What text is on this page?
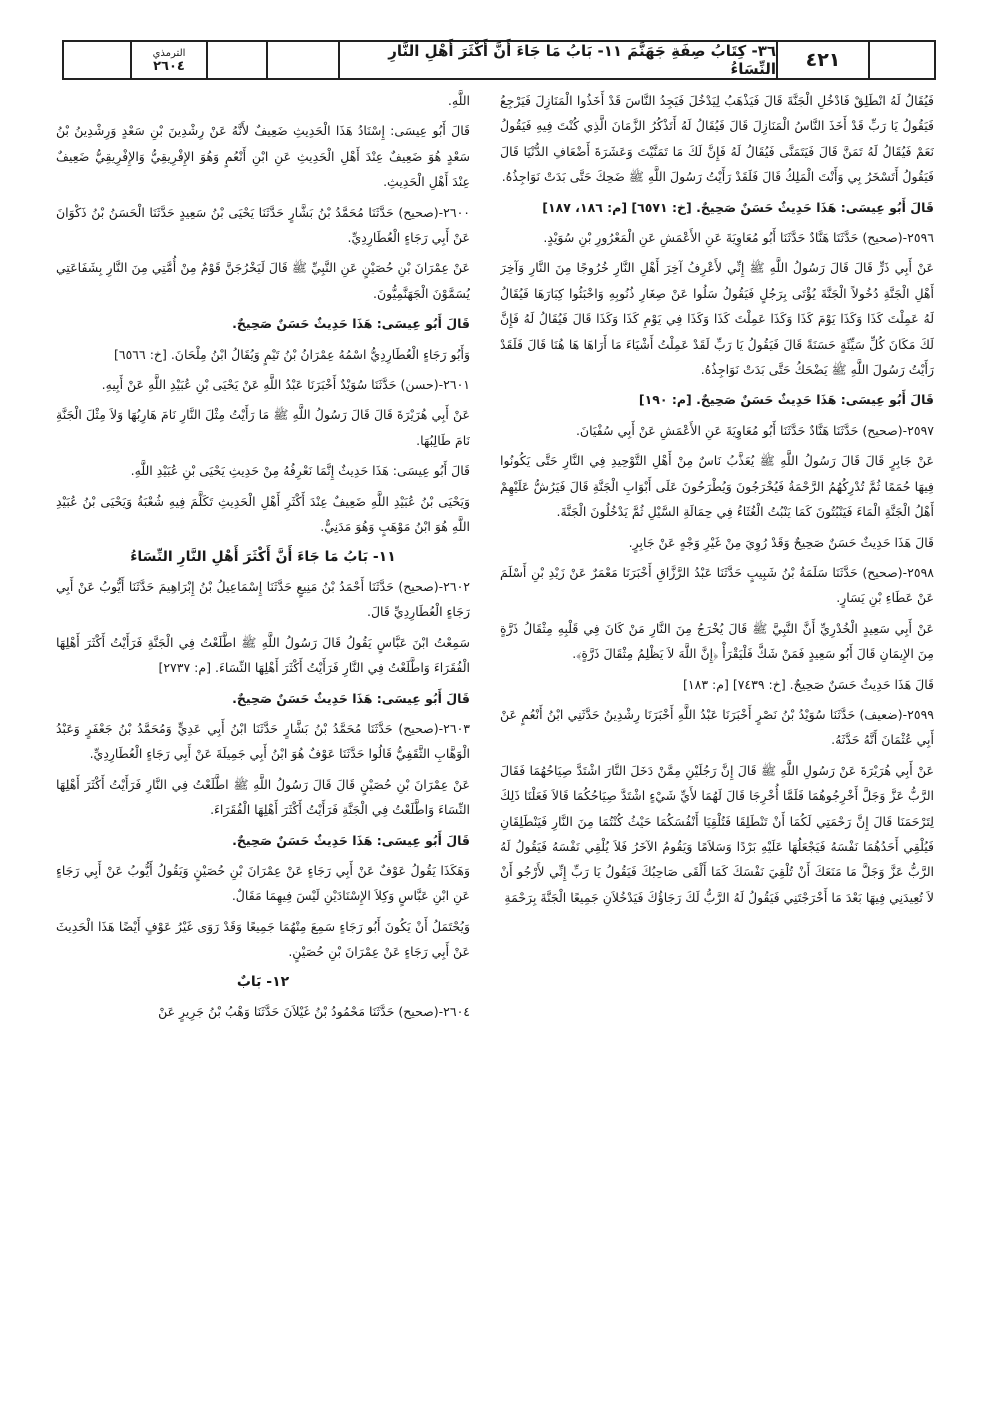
٤٢١
٣٦- كِتَابُ صِفَةِ جَهَنَّمَ ١١- بَابُ مَا جَاءَ أَنَّ أَكْثَرَ أَهْلِ النَّارِ النِّسَاءُ
الترمذي
٢٦٠٤

فَيُقَالُ لَهُ انْطَلِقْ فَادْخُلِ الْجَنَّةَ قَالَ فَيَذْهَبُ لِيَدْخُلَ فَيَجِدُ النَّاسَ قَدْ أَخَذُوا الْمَنَازِلَ فَيَرْجِعُ فَيَقُولُ يَا رَبِّ قَدْ أَخَذَ النَّاسُ الْمَنَازِلَ قَالَ فَيُقَالُ لَهُ أَتَذْكُرُ الزَّمَانَ الَّذِي كُنْتَ فِيهِ فَيَقُولُ نَعَمْ فَيُقَالُ لَهُ تَمَنَّ قَالَ فَيَتَمَنَّى فَيُقَالُ لَهُ فَإِنَّ لَكَ مَا تَمَنَّيْتَ وَعَشَرَةَ أَضْعَافِ الدُّنْيَا قَالَ فَيَقُولُ أَتَسْخَرُ بِي وَأَنْتَ الْمَلِكُ قَالَ فَلَقَدْ رَأَيْتُ رَسُولَ اللَّهِ ﷺ ضَحِكَ حَتَّى بَدَتْ نَوَاجِذُهُ.

قَالَ أَبُو عِيسَى: هَذَا حَدِيثٌ حَسَنٌ صَحِيحٌ. [خ: ٦٥٧١] [م: ١٨٦، ١٨٧]

٢٥٩٦-(صحيح) حَدَّثَنَا هَنَّادٌ حَدَّثَنَا أَبُو مُعَاوِيَةَ عَنِ الأَعْمَشِ عَنِ الْمَعْرُورِ بْنِ سُوَيْدٍ.

عَنْ أَبِي ذَرٍّ قَالَ قَالَ رَسُولُ اللَّهِ ﷺ إِنِّي لأَعْرِفُ آخِرَ أَهْلِ النَّارِ خُرُوجًا مِنَ النَّارِ وَآخِرَ أَهْلِ الْجَنَّةِ دُخُولاً الْجَنَّةَ يُؤْتَى بِرَجُلٍ فَيَقُولُ سَلُوا عَنْ صِغَارِ ذُنُوبِهِ وَاخْبَئُوا كِبَارَهَا فَيُقَالُ لَهُ عَمِلْتَ كَذَا وَكَذَا يَوْمَ كَذَا وَكَذَا عَمِلْتَ كَذَا وَكَذَا فِي يَوْمِ كَذَا وَكَذَا قَالَ فَيُقَالُ لَهُ فَإِنَّ لَكَ مَكَانَ كُلِّ سَيِّئَةٍ حَسَنَةً قَالَ فَيَقُولُ يَا رَبِّ لَقَدْ عَمِلْتُ أَشْيَاءَ مَا أَرَاهَا هَا هُنَا قَالَ فَلَقَدْ رَأَيْتُ رَسُولَ اللَّهِ ﷺ يَضْحَكُ حَتَّى بَدَتْ نَوَاجِذُهُ.

قَالَ أَبُو عِيسَى: هَذَا حَدِيثٌ حَسَنٌ صَحِيحٌ. [م: ١٩٠]

٢٥٩٧-(صحيح) حَدَّثَنَا هَنَّادٌ حَدَّثَنَا أَبُو مُعَاوِيَةَ عَنِ الأَعْمَشِ عَنْ أَبِي سُفْيَانَ.

عَنْ جَابِرٍ قَالَ قَالَ رَسُولُ اللَّهِ ﷺ يُعَذَّبُ نَاسٌ مِنْ أَهْلِ التَّوْحِيدِ فِي النَّارِ حَتَّى يَكُونُوا فِيهَا حُمَمًا ثُمَّ تُدْرِكُهُمُ الرَّحْمَةُ فَيُخْرَجُونَ وَيُطْرَحُونَ عَلَى أَبْوَابِ الْجَنَّةِ قَالَ فَيَرُشُّ عَلَيْهِمْ أَهْلُ الْجَنَّةِ الْمَاءَ فَيَنْبُتُونَ كَمَا يَنْبُتُ الْغُثَاءُ فِي حِمَالَةِ السَّيْلِ ثُمَّ يَدْخُلُونَ الْجَنَّةَ.

قَالَ هَذَا حَدِيثٌ حَسَنٌ صَحِيحٌ وَقَدْ رُوِيَ مِنْ غَيْرِ وَجْهٍ عَنْ جَابِرٍ.

٢٥٩٨-(صحيح) حَدَّثَنَا سَلَمَةُ بْنُ شَبِيبٍ حَدَّثَنَا عَبْدُ الرَّزَّاقِ أَخْبَرَنَا مَعْمَرٌ عَنْ زَيْدِ بْنِ أَسْلَمَ عَنْ عَطَاءِ بْنِ يَسَارٍ.

عَنْ أَبِي سَعِيدٍ الْخُدْرِيِّ أَنَّ النَّبِيَّ ﷺ قَالَ يُخْرَجُ مِنَ النَّارِ مَنْ كَانَ فِي قَلْبِهِ مِثْقَالُ ذَرَّةٍ مِنَ الإِيمَانِ قَالَ أَبُو سَعِيدٍ فَمَنْ شَكَّ فَلْيَقْرَأْ ﴿إِنَّ اللَّهَ لاَ يَظْلِمُ مِثْقَالَ ذَرَّةٍ﴾.

قَالَ هَذَا حَدِيثٌ حَسَنٌ صَحِيحٌ. [خ: ٧٤٣٩] [م: ١٨٣]

٢٥٩٩-(ضعيف) حَدَّثَنَا سُوَيْدُ بْنُ نَصْرٍ أَخْبَرَنَا عَبْدُ اللَّهِ أَخْبَرَنَا رِشْدِينُ حَدَّثَنِي ابْنُ أَنْعُمٍ عَنْ أَبِي عُثْمَانَ أَنَّهُ حَدَّثَهُ.

عَنْ أَبِي هُرَيْرَةَ عَنْ رَسُولِ اللَّهِ ﷺ قَالَ إِنَّ رَجُلَيْنِ مِمَّنْ دَخَلَ النَّارَ اشْتَدَّ صِيَاحُهُمَا فَقَالَ الرَّبُّ عَزَّ وَجَلَّ أَخْرِجُوهُمَا فَلَمَّا أُخْرِجَا قَالَ لَهُمَا لأَيِّ شَيْءٍ اشْتَدَّ صِيَاحُكُمَا قَالاَ فَعَلْنَا ذَلِكَ لِتَرْحَمَنَا قَالَ إِنَّ رَحْمَتِي لَكُمَا أَنْ تَنْطَلِقَا فَتُلْقِيَا أَنْفُسَكُمَا حَيْثُ كُنْتُمَا مِنَ النَّارِ فَيَنْطَلِقَانِ فَيُلْقِي أَحَدُهُمَا نَفْسَهُ فَيَجْعَلُهَا عَلَيْهِ بَرْدًا وَسَلاَمًا وَيَقُومُ الآخَرُ فَلاَ يُلْقِي نَفْسَهُ فَيَقُولُ لَهُ الرَّبُّ عَزَّ وَجَلَّ مَا مَنَعَكَ أَنْ تُلْقِيَ نَفْسَكَ كَمَا أَلْقَى صَاحِبُكَ فَيَقُولُ يَا رَبِّ إِنِّي لأَرْجُو أَنْ لاَ تُعِيدَنِي فِيهَا بَعْدَ مَا أَخْرَجْتَنِي فَيَقُولُ لَهُ الرَّبُّ لَكَ رَجَاؤُكَ فَيَدْخُلاَنِ جَمِيعًا الْجَنَّةَ بِرَحْمَةِ

اللَّهِ.

قَالَ أَبُو عِيسَى: إِسْنَادُ هَذَا الْحَدِيثِ ضَعِيفٌ لأَنَّهُ عَنْ رِشْدِينَ بْنِ سَعْدٍ وَرِشْدِينُ بْنُ سَعْدٍ هُوَ ضَعِيفٌ عِنْدَ أَهْلِ الْحَدِيثِ عَنِ ابْنِ أَنْعُمٍ وَهُوَ الإِفْرِيقِيُّ وَالإِفْرِيقِيُّ ضَعِيفٌ عِنْدَ أَهْلِ الْحَدِيثِ.

٢٦٠٠-(صحيح) حَدَّثَنَا مُحَمَّدُ بْنُ بَشَّارٍ حَدَّثَنَا يَحْيَى بْنُ سَعِيدٍ حَدَّثَنَا الْحَسَنُ بْنُ ذَكْوَانَ عَنْ أَبِي رَجَاءٍ الْعُطَارِدِيِّ.

عَنْ عِمْرَانَ بْنِ حُصَيْنٍ عَنِ النَّبِيِّ ﷺ قَالَ لَيَخْرُجَنَّ قَوْمٌ مِنْ أُمَّتِي مِنَ النَّارِ بِشَفَاعَتِي يُسَمَّوْنَ الْجَهَنَّمِيُّونَ.

قَالَ أَبُو عِيسَى: هَذَا حَدِيثٌ حَسَنٌ صَحِيحٌ.

وَأَبُو رَجَاءٍ الْعُطَارِدِيُّ اسْمُهُ عِمْرَانُ بْنُ تَيْمٍ وَيُقَالُ ابْنُ مِلْحَانَ. [خ: ٦٥٦٦]

٢٦٠١-(حسن) حَدَّثَنَا سُوَيْدٌ أَخْبَرَنَا عَبْدُ اللَّهِ عَنْ يَحْيَى بْنِ عُبَيْدِ اللَّهِ عَنْ أَبِيهِ.

عَنْ أَبِي هُرَيْرَةَ قَالَ قَالَ رَسُولُ اللَّهِ ﷺ مَا رَأَيْتُ مِثْلَ النَّارِ نَامَ هَارِبُهَا وَلاَ مِثْلَ الْجَنَّةِ نَامَ طَالِبُهَا.

قَالَ أَبُو عِيسَى: هَذَا حَدِيثٌ إِنَّمَا نَعْرِفُهُ مِنْ حَدِيثِ يَحْيَى بْنِ عُبَيْدِ اللَّهِ.

وَيَحْيَى بْنُ عُبَيْدِ اللَّهِ ضَعِيفٌ عِنْدَ أَكْثَرِ أَهْلِ الْحَدِيثِ تَكَلَّمَ فِيهِ شُعْبَةُ وَيَحْيَى بْنُ عُبَيْدِ اللَّهِ هُوَ ابْنُ مَوْهَبٍ وَهُوَ مَدَنِيٌّ.

١١- بَابُ مَا جَاءَ أَنَّ أَكْثَرَ أَهْلِ النَّارِ النِّسَاءُ

٢٦٠٢-(صحيح) حَدَّثَنَا أَحْمَدُ بْنُ مَنِيعٍ حَدَّثَنَا إِسْمَاعِيلُ بْنُ إِبْرَاهِيمَ حَدَّثَنَا أَيُّوبُ عَنْ أَبِي رَجَاءٍ الْعُطَارِدِيِّ قَالَ.

سَمِعْتُ ابْنَ عَبَّاسٍ يَقُولُ قَالَ رَسُولُ اللَّهِ ﷺ اطَّلَعْتُ فِي الْجَنَّةِ فَرَأَيْتُ أَكْثَرَ أَهْلِهَا الْفُقَرَاءَ وَاطَّلَعْتُ فِي النَّارِ فَرَأَيْتُ أَكْثَرَ أَهْلِهَا النِّسَاءَ. [م: ٢٧٣٧]

قَالَ أَبُو عِيسَى: هَذَا حَدِيثٌ حَسَنٌ صَحِيحٌ.

٢٦٠٣-(صحيح) حَدَّثَنَا مُحَمَّدُ بْنُ بَشَّارٍ حَدَّثَنَا ابْنُ أَبِي عَدِيٍّ وَمُحَمَّدُ بْنُ جَعْفَرٍ وَعَبْدُ الْوَهَّابِ الثَّقَفِيُّ قَالُوا حَدَّثَنَا عَوْفٌ هُوَ ابْنُ أَبِي جَمِيلَةَ عَنْ أَبِي رَجَاءٍ الْعُطَارِدِيِّ.

عَنْ عِمْرَانَ بْنِ حُصَيْنٍ قَالَ قَالَ رَسُولُ اللَّهِ ﷺ اطَّلَعْتُ فِي النَّارِ فَرَأَيْتُ أَكْثَرَ أَهْلِهَا النِّسَاءَ وَاطَّلَعْتُ فِي الْجَنَّةِ فَرَأَيْتُ أَكْثَرَ أَهْلِهَا الْفُقَرَاءَ.

قَالَ أَبُو عِيسَى: هَذَا حَدِيثٌ حَسَنٌ صَحِيحٌ.

وَهَكَذَا يَقُولُ عَوْفٌ عَنْ أَبِي رَجَاءٍ عَنْ عِمْرَانَ بْنِ حُصَيْنٍ وَيَقُولُ أَيُّوبُ عَنْ أَبِي رَجَاءٍ عَنِ ابْنِ عَبَّاسٍ وَكِلاَ الإِسْنَادَيْنِ لَيْسَ فِيهِمَا مَقَالٌ.

وَيُحْتَمَلُ أَنْ يَكُونَ أَبُو رَجَاءٍ سَمِعَ مِنْهُمَا جَمِيعًا وَقَدْ رَوَى غَيْرُ عَوْفٍ أَيْضًا هَذَا الْحَدِيثَ عَنْ أَبِي رَجَاءٍ عَنْ عِمْرَانَ بْنِ حُصَيْنٍ.

١٢- بَابٌ

٢٦٠٤-(صحيح) حَدَّثَنَا مَحْمُودُ بْنُ غَيْلاَنَ حَدَّثَنَا وَهْبُ بْنُ جَرِيرٍ عَنْ
